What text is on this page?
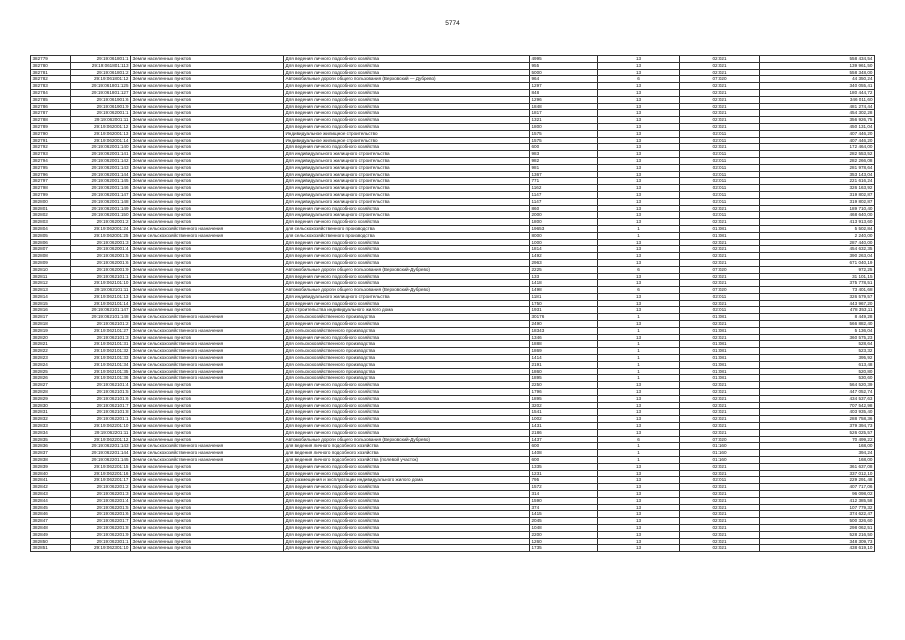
5774
382779	29:19:061801:1	Земли населенных пунктов	Для ведения личного подсобного хозяйства	4995	13	02:021	558 434,54
382780	29:19:061801:113	Земли населенных пунктов	Для ведения личного подсобного хозяйства	955	13	02:021	139 961,50
382781	29:19:061801:2	Земли населенных пунктов	Для ведения личного подсобного хозяйства	5000	13	02:021	558 348,00
382782	29:19:061801:12	Земли населенных пунктов	Автомобильные дороги общего пользования (Верховский — Дубрево)	964	6	07:020	44 350,24
382783	29:19:061801:125	Земли населенных пунктов	Для ведения личного подсобного хозяйства	1297	13	02:021	340 055,41
382784	29:19:061801:127	Земли населенных пунктов	Для ведения личного подсобного хозяйства	848	13	02:021	180 444,72
382785	29:19:061901:6	Земли населенных пунктов	Для ведения личного подсобного хозяйства	1296	13	02:021	346 011,60
382786	29:19:061901:9	Земли населенных пунктов	Для ведения личного подсобного хозяйства	1848	13	02:021	481 274,44
382787	29:19:062001:1	Земли населенных пунктов	Для ведения личного подсобного хозяйства	1817	13	02:021	454 302,28
382788	29:19:062001:11	Земли населенных пунктов	Для ведения личного подсобного хозяйства	1321	13	02:021	356 926,75
382789	29:19:062001:12	Земли населенных пунктов	Для ведения личного подсобного хозяйства	1800	13	02:021	450 131,04
382790	29:19:062001:13	Земли населенных пунктов	Индивидуальное жилищное строительство	1575	13	02:011	407 446,20
382791	29:19:062001:14	Земли населенных пунктов	Индивидуальное жилищное строительство	1575	13	02:011	407 446,20
382792	29:19:062001:140	Земли населенных пунктов	Для ведения личного подсобного хозяйства	600	13	02:021	172 464,00
382793	29:19:062001:141	Земли населенных пунктов	Для индивидуального жилищного строительства	983	13	02:011	282 553,52
382794	29:19:062001:142	Земли населенных пунктов	Для индивидуального жилищного строительства	982	13	02:011	282 266,08
382795	29:19:062001:143	Земли населенных пунктов	Для индивидуального жилищного строительства	981	13	02:011	281 978,64
382796	29:19:062001:144	Земли населенных пунктов	Для индивидуального жилищного строительства	1367	13	02:011	353 143,04
382797	29:19:062001:145	Земли населенных пунктов	Для индивидуального жилищного строительства	771	13	02:011	221 616,24
382798	29:19:062001:146	Земли населенных пунктов	Для индивидуального жилищного строительства	1162	13	02:011	326 163,92
382799	29:19:062001:147	Земли населенных пунктов	Для индивидуального жилищного строительства	1147	13	02:011	319 802,87
382800	29:19:062001:148	Земли населенных пунктов	Для индивидуального жилищного строительства	1147	13	02:011	319 802,87
382801	29:19:062001:149	Земли населенных пунктов	Для ведения личного подсобного хозяйства	860	13	02:021	189 710,40
382802	29:19:062001:150	Земли населенных пунктов	Для индивидуального жилищного строительства	2000	13	02:011	468 640,00
382803	29:19:062001:2	Земли населенных пунктов	Для ведения личного подсобного хозяйства	1800	13	02:021	413 913,60
382804	29:19:062001:24	Земли сельскохозяйственного назначения	для сельскохозяйственного производства	19653	1	01:081	5 502,84
382805	29:19:062001:25	Земли сельскохозяйственного назначения	для сельскохозяйственного производства	8000	1	01:081	2 240,00
382806	29:19:062001:3	Земли населенных пунктов	Для ведения личного подсобного хозяйства	1000	13	02:021	287 440,00
382807	29:19:062001:4	Земли населенных пунктов	Для ведения личного подсобного хозяйства	1814	13	02:021	454 632,35
382808	29:19:062001:5	Земли населенных пунктов	Для ведения личного подсобного хозяйства	1492	13	02:021	390 263,04
382809	29:19:062001:6	Земли населенных пунктов	Для ведения личного подсобного хозяйства	2963	13	02:021	671 040,19
382810	29:19:062001:9	Земли населенных пунктов	Автомобильные дороги общего пользования (Верховский-Дубрево)	2225	6	07:020	972,25
382811	29:19:062101:1	Земли населенных пунктов	Для ведения личного подсобного хозяйства	133	13	02:021	31 101,15
382812	29:19:062101:10	Земли населенных пунктов	Для ведения личного подсобного хозяйства	1418	13	02:021	375 778,51
382813	29:19:062101:11	Земли населенных пунктов	Автомобильные дороги общего пользования (Верховский-Дубрево)	1498	6	07:020	73 401,68
382814	29:19:062101:13	Земли населенных пунктов	Для индивидуального жилищного строительства	1181	13	02:011	326 579,57
382815	29:19:062101:14	Земли населенных пунктов	Для ведения личного подсобного хозяйства	1750	13	02:021	443 967,20
382816	29:19:062101:147	Земли населенных пунктов	Для строительства индивидуального жилого дома	1931	13	02:011	478 353,11
382817	29:19:062101:148	Земли сельскохозяйственного назначения	Для сельскохозяйственного производства	30176	1	01:081	8 449,28
382818	29:19:062101:2	Земли населенных пунктов	Для ведения личного подсобного хозяйства	2490	13	02:021	566 882,40
382819	29:19:062101:27	Земли сельскохозяйственного назначения	Для сельскохозяйственного производства	18343	1	01:081	5 136,04
382820	29:19:062101:3	Земли населенных пунктов	Для ведения личного подсобного хозяйства	1346	13	02:021	360 575,23
382821	29:19:062101:31	Земли сельскохозяйственного назначения	Для сельскохозяйственного производства	1888	1	01:081	528,64
382822	29:19:062101:32	Земли сельскохозяйственного назначения	Для сельскохозяйственного производства	1869	1	01:081	523,32
382823	29:19:062101:33	Земли сельскохозяйственного назначения	Для сельскохозяйственного производства	1414	1	01:081	395,92
382824	29:19:062101:34	Земли сельскохозяйственного назначения	Для сельскохозяйственного производства	2191	1	01:081	613,48
382825	29:19:062101:35	Земли сельскохозяйственного назначения	Для сельскохозяйственного производства	1860	1	01:081	520,80
382826	29:19:062101:36	Земли сельскохозяйственного назначения	Для сельскохозяйственного производства	1895	1	01:081	530,60
382827	29:19:062101:4	Земли населенных пунктов	Для ведения личного подсобного хозяйства	2250	13	02:021	564 520,39
382828	29:19:062101:5	Земли населенных пунктов	Для ведения личного подсобного хозяйства	1796	13	02:021	447 052,74
382829	29:19:062101:6	Земли населенных пунктов	Для ведения личного подсобного хозяйства	1895	13	02:021	434 537,63
382830	29:19:062101:7	Земли населенных пунктов	Для ведения личного подсобного хозяйства	3202	13	02:021	707 542,98
382831	29:19:062101:8	Земли населенных пунктов	Для ведения личного подсобного хозяйства	1541	13	02:021	403 935,40
382832	29:19:062201:1	Земли населенных пунктов	Для ведения личного подсобного хозяйства	1002	13	02:021	288 758,36
382833	29:19:062201:10	Земли населенных пунктов	Для ведения личного подсобного хозяйства	1431	13	02:021	379 394,73
382834	29:19:062201:11	Земли населенных пунктов	Для ведения личного подсобного хозяйства	2186	13	02:021	526 025,57
382835	29:19:062201:12	Земли населенных пунктов	Автомобильные дороги общего пользования (Верховский-Дубрево)	1437	6	07:020	70 499,22
382836	29:19:062201:143	Земли сельскохозяйственного назначения	для ведения личного подсобного хозяйства	600	1	01:160	168,00
382837	29:19:062201:144	Земли сельскохозяйственного назначения	для ведения личного подсобного хозяйства	1408	1	01:160	394,24
382838	29:19:062201:145	Земли сельскохозяйственного назначения	для ведения личного подсобного хозяйства (полевой участок)	600	1	01:160	168,00
382839	29:19:062201:15	Земли населенных пунктов	Для ведения личного подсобного хозяйства	1335	13	02:021	361 637,08
382840	29:19:062201:16	Земли населенных пунктов	Для ведения личного подсобного хозяйства	1231	13	02:021	337 012,10
382841	29:19:062201:17	Земли населенных пунктов	Для размещения и эксплуатации индивидуального жилого дома	795	13	02:011	229 291,48
382842	29:19:062201:2	Земли населенных пунктов	Для ведения личного подсобного хозяйства	1572	13	02:021	407 717,06
382843	29:19:062201:3	Земли населенных пунктов	Для ведения личного подсобного хозяйства	314	13	02:021	96 098,02
382844	29:19:062201:4	Земли населенных пунктов	Для ведения личного подсобного хозяйства	1590	13	02:021	412 385,58
382845	29:19:062201:5	Земли населенных пунктов	Для ведения личного подсобного хозяйства	374	13	02:021	107 779,32
382846	29:19:062201:6	Земли населенных пунктов	Для ведения личного подсобного хозяйства	1415	13	02:021	374 622,47
382847	29:19:062201:7	Земли населенных пунктов	Для ведения личного подсобного хозяйства	2045	13	02:021	500 326,60
382848	29:19:062201:8	Земли населенных пунктов	Для ведения личного подсобного хозяйства	1048	13	02:021	298 062,51
382849	29:19:062201:9	Земли населенных пунктов	Для ведения личного подсобного хозяйства	2200	13	02:021	528 216,50
382850	29:19:062301:1	Земли населенных пунктов	Для ведения личного подсобного хозяйства	1260	13	02:021	348 309,73
382851	29:19:062301:10	Земли населенных пунктов	Для ведения личного подсобного хозяйства	1735	13	02:021	438 619,10
